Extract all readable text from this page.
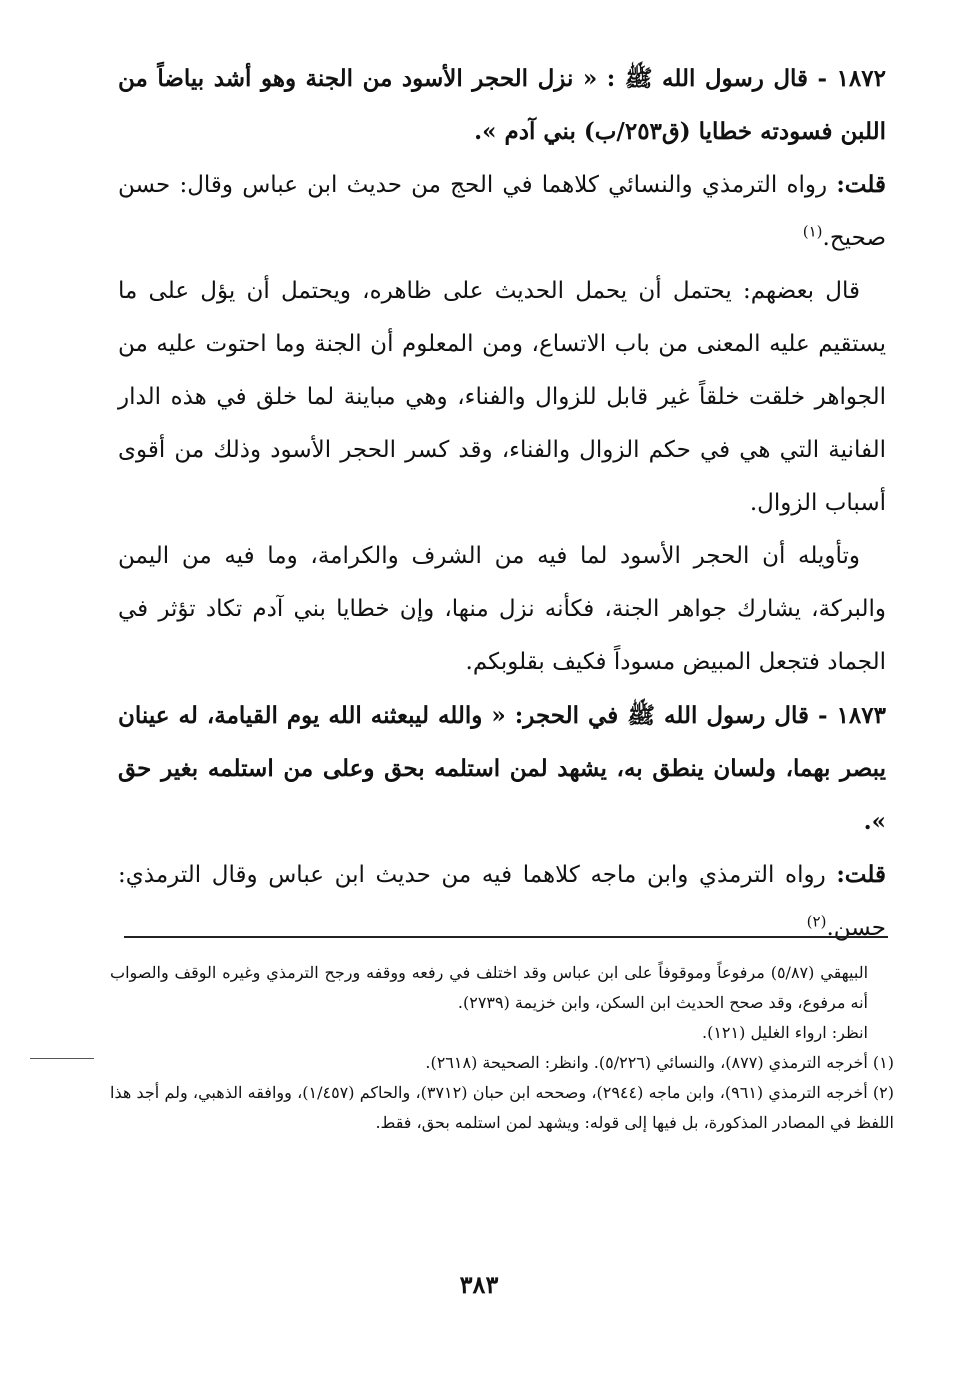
١٨٧٢ - قال رسول الله ﷺ : « نزل الحجر الأسود من الجنة وهو أشد بياضاً من اللبن فسودته خطايا (ق٢٥٣/ب) بني آدم ».

قلت: رواه الترمذي والنسائي كلاهما في الحج من حديث ابن عباس وقال: حسن صحيح.$^{(١)}$

قال بعضهم: يحتمل أن يحمل الحديث على ظاهره، ويحتمل أن يؤل على ما يستقيم عليه المعنى من باب الاتساع، ومن المعلوم أن الجنة وما احتوت عليه من الجواهر خلقت خلقاً غير قابل للزوال والفناء، وهي مباينة لما خلق في هذه الدار الفانية التي هي في حكم الزوال والفناء، وقد كسر الحجر الأسود وذلك من أقوى أسباب الزوال.

وتأويله أن الحجر الأسود لما فيه من الشرف والكرامة، وما فيه من اليمن والبركة، يشارك جواهر الجنة، فكأنه نزل منها، وإن خطايا بني آدم تكاد تؤثر في الجماد فتجعل المبيض مسوداً فكيف بقلوبكم.

١٨٧٣ - قال رسول الله ﷺ في الحجر: « والله ليبعثنه الله يوم القيامة، له عينان يبصر بهما، ولسان ينطق به، يشهد لمن استلمه بحق وعلى من استلمه بغير حق ».

قلت: رواه الترمذي وابن ماجه كلاهما فيه من حديث ابن عباس وقال الترمذي: حسن.$^{(٢)}$

البيهقي (٥/٨٧) مرفوعاً وموقوفاً على ابن عباس وقد اختلف في رفعه ووقفه ورجح الترمذي وغيره الوقف والصواب أنه مرفوع، وقد صحح الحديث ابن السكن، وابن خزيمة (٢٧٣٩).

انظر: ارواء الغليل (١٢١).

(١) أخرجه الترمذي (٨٧٧)، والنسائي (٥/٢٢٦). وانظر: الصحيحة (٢٦١٨).

(٢) أخرجه الترمذي (٩٦١)، وابن ماجه (٢٩٤٤)، وصححه ابن حبان (٣٧١٢)، والحاكم (١/٤٥٧)، ووافقه الذهبي، ولم أجد هذا اللفظ في المصادر المذكورة، بل فيها إلى قوله: ويشهد لمن استلمه بحق، فقط.

٣٨٣
